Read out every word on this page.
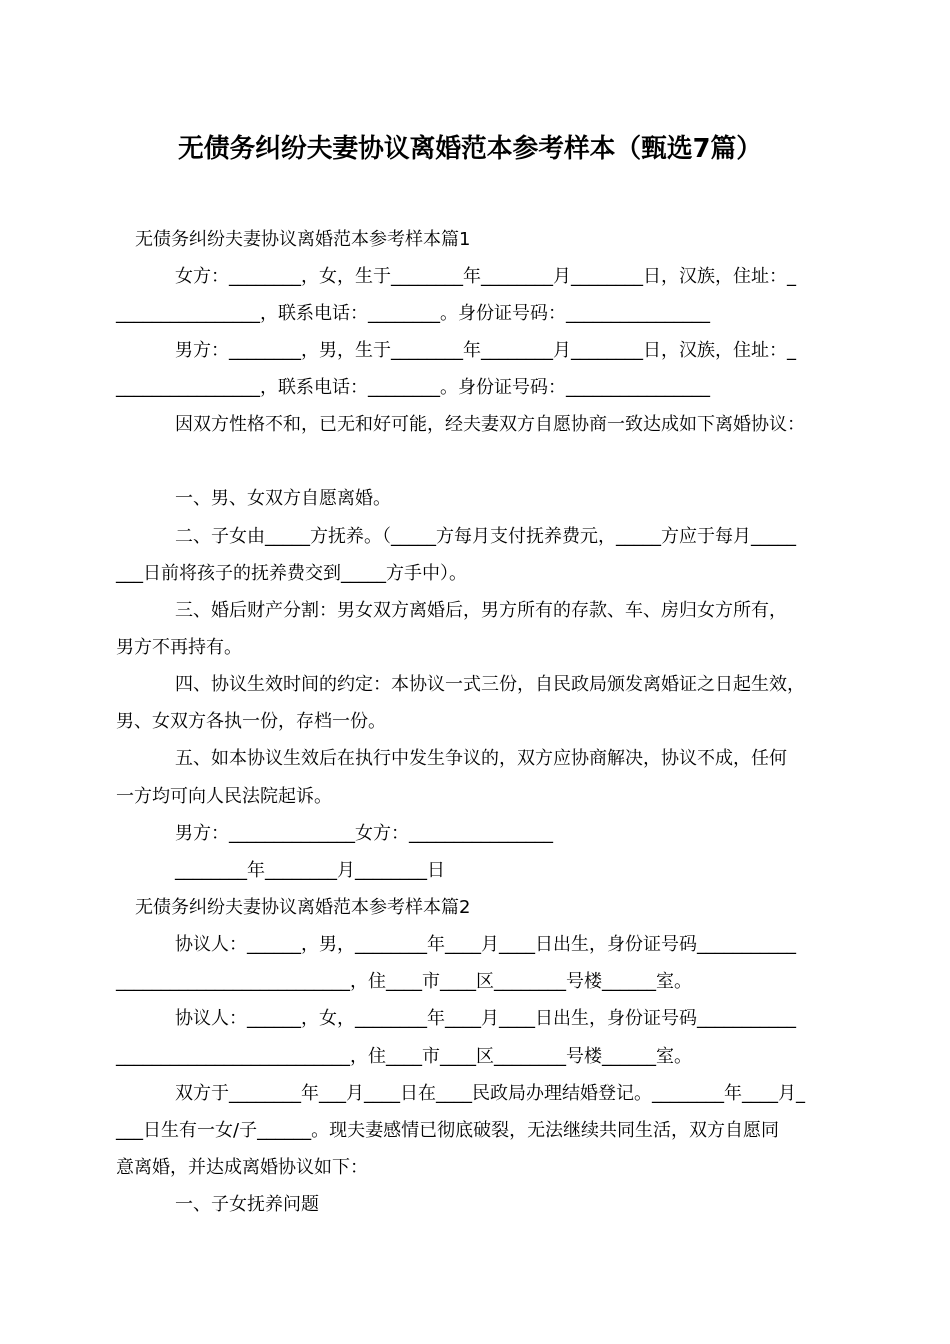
无债务纠纷夫妻协议离婚范本参考样本（甄选7篇）
无债务纠纷夫妻协议离婚范本参考样本篇1
女方：________，女，生于________年________月________日，汉族，住址：_
________________，联系电话：________。身份证号码：________________
男方：________，男，生于________年________月________日，汉族，住址：_
________________，联系电话：________。身份证号码：________________
因双方性格不和，已无和好可能，经夫妻双方自愿协商一致达成如下离婚协议：
一、男、女双方自愿离婚。
二、子女由_____方抚养。（_____方每月支付抚养费元，_____方应于每月_____
___日前将孩子的抚养费交到_____方手中）。
三、婚后财产分割：男女双方离婚后，男方所有的存款、车、房归女方所有，
男方不再持有。
四、协议生效时间的约定：本协议一式三份，自民政局颁发离婚证之日起生效，
男、女双方各执一份，存档一份。
五、如本协议生效后在执行中发生争议的，双方应协商解决，协议不成，任何
一方均可向人民法院起诉。
男方：______________女方：________________
________年________月________日
无债务纠纷夫妻协议离婚范本参考样本篇2
协议人：______，男，________年____月____日出生，身份证号码___________
__________________________，住____市____区________号楼______室。
协议人：______，女，________年____月____日出生，身份证号码___________
__________________________，住____市____区________号楼______室。
双方于________年___月____日在____民政局办理结婚登记。________年____月_
___日生有一女/子______。现夫妻感情已彻底破裂，无法继续共同生活，双方自愿同
意离婚，并达成离婚协议如下：
一、子女抚养问题
